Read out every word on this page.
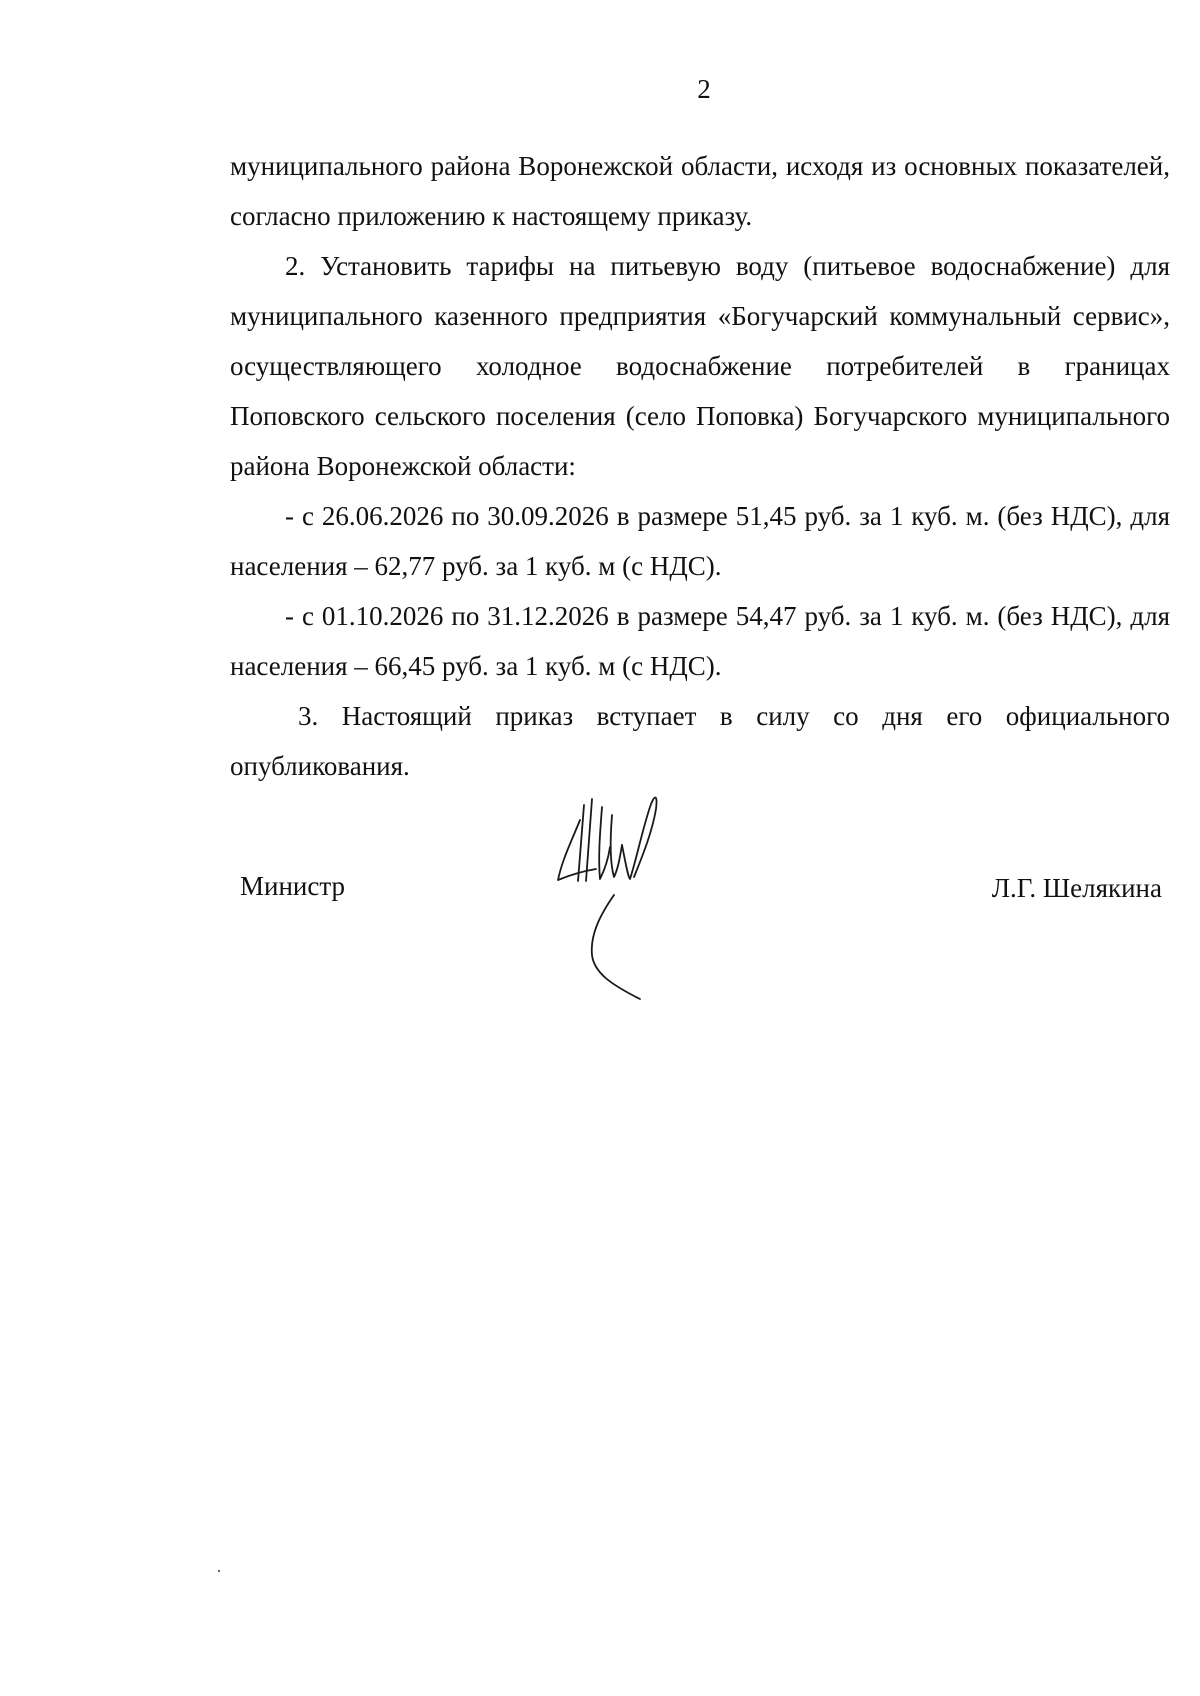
2

муниципального района Воронежской области, исходя из основных показателей, согласно приложению к настоящему приказу.

2. Установить тарифы на питьевую воду (питьевое водоснабжение) для муниципального казенного предприятия «Богучарский коммунальный сервис», осуществляющего холодное водоснабжение потребителей в границах Поповского сельского поселения (село Поповка) Богучарского муниципального района Воронежской области:

- с 26.06.2026 по 30.09.2026 в размере 51,45 руб. за 1 куб. м. (без НДС), для населения – 62,77 руб. за 1 куб. м (с НДС).

- с 01.10.2026 по 31.12.2026 в размере 54,47 руб. за 1 куб. м. (без НДС), для населения – 66,45 руб. за 1 куб. м (с НДС).

3. Настоящий приказ вступает в силу со дня его официального опубликования.

Министр	Л.Г. Шелякина
